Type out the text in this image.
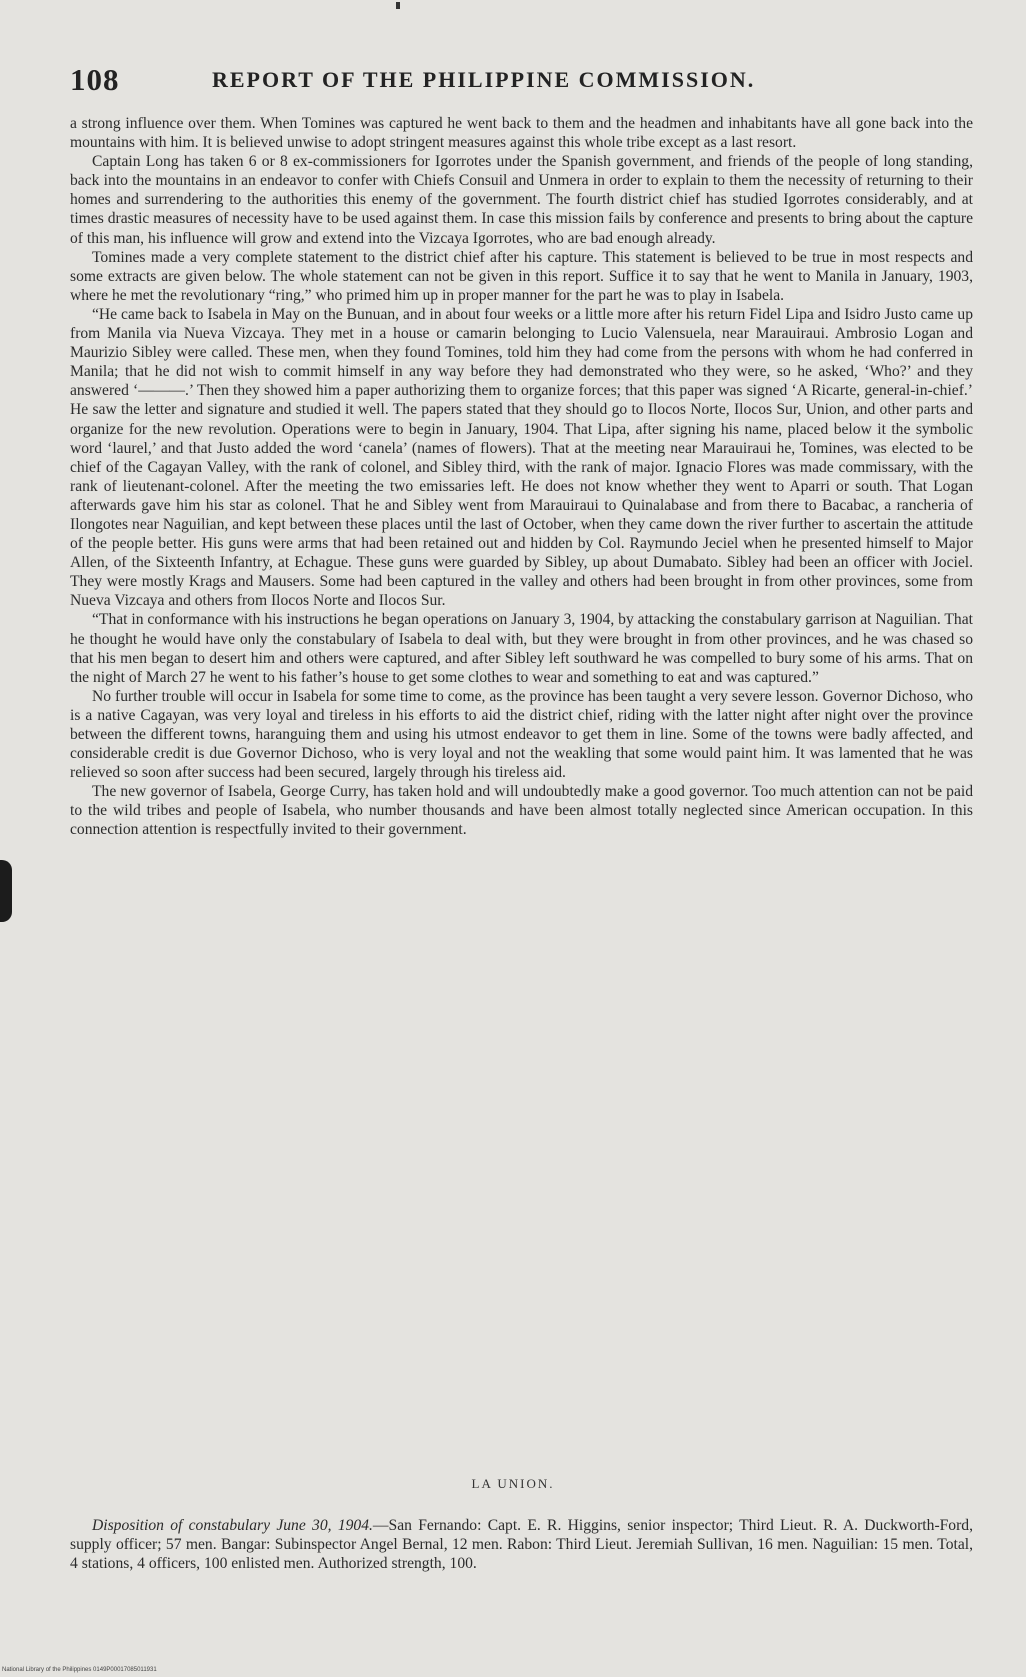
108	REPORT OF THE PHILIPPINE COMMISSION.

a strong influence over them. When Tomines was captured he went back to them and the headmen and inhabitants have all gone back into the mountains with him. It is believed unwise to adopt stringent measures against this whole tribe except as a last resort.

Captain Long has taken 6 or 8 ex-commissioners for Igorrotes under the Spanish government, and friends of the people of long standing, back into the mountains in an endeavor to confer with Chiefs Consuil and Unmera in order to explain to them the necessity of returning to their homes and surrendering to the authorities this enemy of the government. The fourth district chief has studied Igorrotes considerably, and at times drastic measures of necessity have to be used against them. In case this mission fails by conference and presents to bring about the capture of this man, his influence will grow and extend into the Vizcaya Igorrotes, who are bad enough already.

Tomines made a very complete statement to the district chief after his capture. This statement is believed to be true in most respects and some extracts are given below. The whole statement can not be given in this report. Suffice it to say that he went to Manila in January, 1903, where he met the revolutionary “ring,” who primed him up in proper manner for the part he was to play in Isabela.

“He came back to Isabela in May on the Bunuan, and in about four weeks or a little more after his return Fidel Lipa and Isidro Justo came up from Manila via Nueva Vizcaya. They met in a house or camarin belonging to Lucio Valensuela, near Marauiraui. Ambrosio Logan and Maurizio Sibley were called. These men, when they found Tomines, told him they had come from the persons with whom he had conferred in Manila; that he did not wish to commit himself in any way before they had demonstrated who they were, so he asked, ‘Who?’ and they answered ‘———.’ Then they showed him a paper authorizing them to organize forces; that this paper was signed ‘A Ricarte, general-in-chief.’ He saw the letter and signature and studied it well. The papers stated that they should go to Ilocos Norte, Ilocos Sur, Union, and other parts and organize for the new revolution. Operations were to begin in January, 1904. That Lipa, after signing his name, placed below it the symbolic word ‘laurel,’ and that Justo added the word ‘canela’ (names of flowers). That at the meeting near Marauiraui he, Tomines, was elected to be chief of the Cagayan Valley, with the rank of colonel, and Sibley third, with the rank of major. Ignacio Flores was made commissary, with the rank of lieutenant-colonel. After the meeting the two emissaries left. He does not know whether they went to Aparri or south. That Logan afterwards gave him his star as colonel. That he and Sibley went from Marauiraui to Quinalabase and from there to Bacabac, a rancheria of Ilongotes near Naguilian, and kept between these places until the last of October, when they came down the river further to ascertain the attitude of the people better. His guns were arms that had been retained out and hidden by Col. Raymundo Jeciel when he presented himself to Major Allen, of the Sixteenth Infantry, at Echague. These guns were guarded by Sibley, up about Dumabato. Sibley had been an officer with Jociel. They were mostly Krags and Mausers. Some had been captured in the valley and others had been brought in from other provinces, some from Nueva Vizcaya and others from Ilocos Norte and Ilocos Sur.

“That in conformance with his instructions he began operations on January 3, 1904, by attacking the constabulary garrison at Naguilian. That he thought he would have only the constabulary of Isabela to deal with, but they were brought in from other provinces, and he was chased so that his men began to desert him and others were captured, and after Sibley left southward he was compelled to bury some of his arms. That on the night of March 27 he went to his father’s house to get some clothes to wear and something to eat and was captured.”

No further trouble will occur in Isabela for some time to come, as the province has been taught a very severe lesson. Governor Dichoso, who is a native Cagayan, was very loyal and tireless in his efforts to aid the district chief, riding with the latter night after night over the province between the different towns, haranguing them and using his utmost endeavor to get them in line. Some of the towns were badly affected, and considerable credit is due Governor Dichoso, who is very loyal and not the weakling that some would paint him. It was lamented that he was relieved so soon after success had been secured, largely through his tireless aid.

The new governor of Isabela, George Curry, has taken hold and will undoubtedly make a good governor. Too much attention can not be paid to the wild tribes and people of Isabela, who number thousands and have been almost totally neglected since American occupation. In this connection attention is respectfully invited to their government.

LA UNION.
Disposition of constabulary June 30, 1904.—San Fernando: Capt. E. R. Higgins, senior inspector; Third Lieut. R. A. Duckworth-Ford, supply officer; 57 men. Bangar: Subinspector Angel Bernal, 12 men. Rabon: Third Lieut. Jeremiah Sullivan, 16 men. Naguilian: 15 men. Total, 4 stations, 4 officers, 100 enlisted men. Authorized strength, 100.
National Library of the Philippines 0149P00017085011931
